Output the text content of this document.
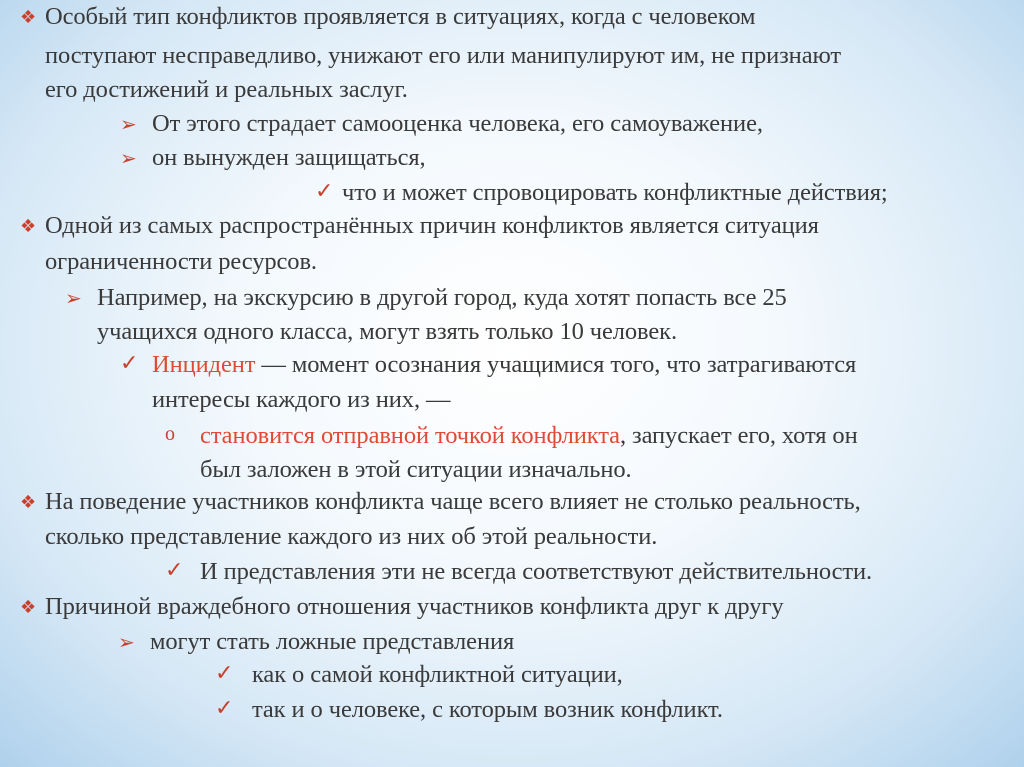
❖ Особый тип конфликтов проявляется в ситуациях, когда с человеком
поступают несправедливо, унижают его или манипулируют им, не признают
его достижений и реальных заслуг.
➢ От этого страдает самооценка человека, его самоуважение,
➢ он вынужден защищаться,
✓ что и может спровоцировать конфликтные действия;
❖ Одной из самых распространённых причин конфликтов является ситуация
ограниченности ресурсов.
➢ Например, на экскурсию в другой город, куда хотят попасть все 25
учащихся одного класса, могут взять только 10 человек.
✓ Инцидент — момент осознания учащимися того, что затрагиваются
интересы каждого из них, —
o становится отправной точкой конфликта, запускает его, хотя он
был заложен в этой ситуации изначально.
❖ На поведение участников конфликта чаще всего влияет не столько реальность,
сколько представление каждого из них об этой реальности.
✓ И представления эти не всегда соответствуют действительности.
❖ Причиной враждебного отношения участников конфликта друг к другу
➢ могут стать ложные представления
✓ как о самой конфликтной ситуации,
✓ так и о человеке, с которым возник конфликт.
